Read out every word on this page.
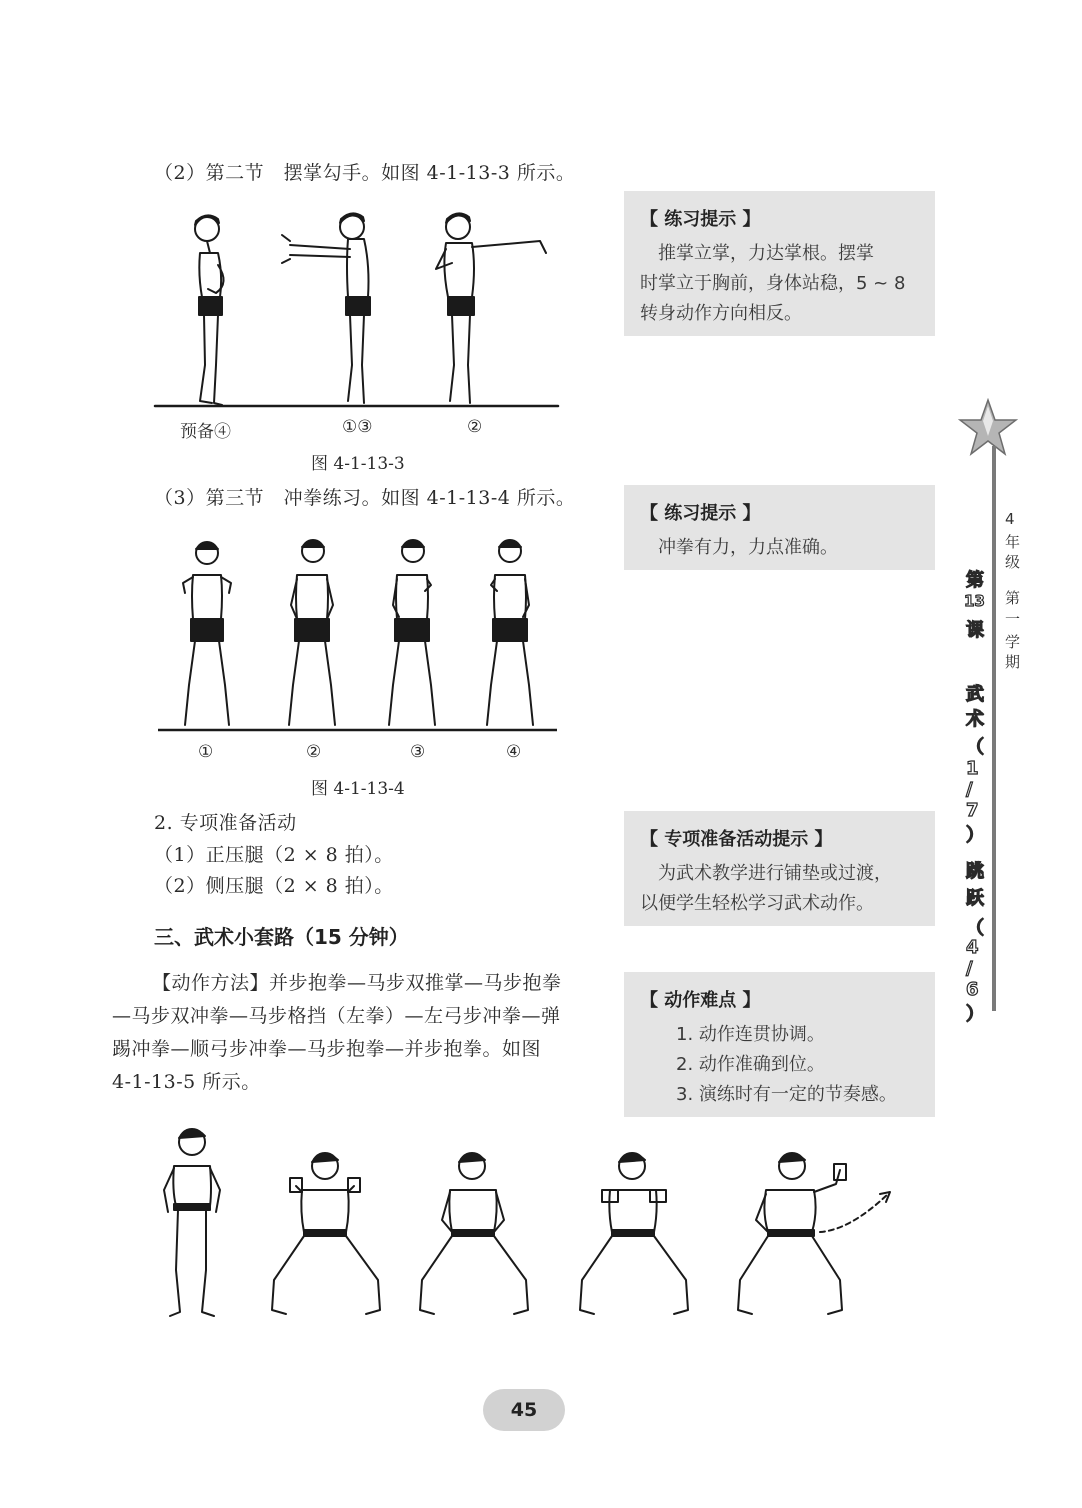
（2）第二节　摆掌勾手。如图 4-1-13-3 所示。
预备④	①③	②
图 4-1-13-3
【 练习提示 】
　推掌立掌，力达掌根。摆掌
时掌立于胸前，身体站稳，5 ~ 8
转身动作方向相反。
（3）第三节　冲拳练习。如图 4-1-13-4 所示。
①	②	③	④
图 4-1-13-4
【 练习提示 】
　冲拳有力，力点准确。
2. 专项准备活动
（1）正压腿（2 × 8 拍）。
（2）侧压腿（2 × 8 拍）。
【 专项准备活动提示 】
　为武术教学进行铺垫或过渡，
以便学生轻松学习武术动作。
三、武术小套路（15 分钟）
【动作方法】并步抱拳—马步双推掌—马步抱拳
—马步双冲拳—马步格挡（左拳）—左弓步冲拳—弹
踢冲拳—顺弓步冲拳—马步抱拳—并步抱拳。如图
4-1-13-5 所示。
【 动作难点 】
1. 动作连贯协调。
2. 动作准确到位。
3. 演练时有一定的节奏感。
4
年
级
第
一
学
期
第
13
课
武
术
（
1
/
7
）
跳
跃
（
4
/
6
）
45
